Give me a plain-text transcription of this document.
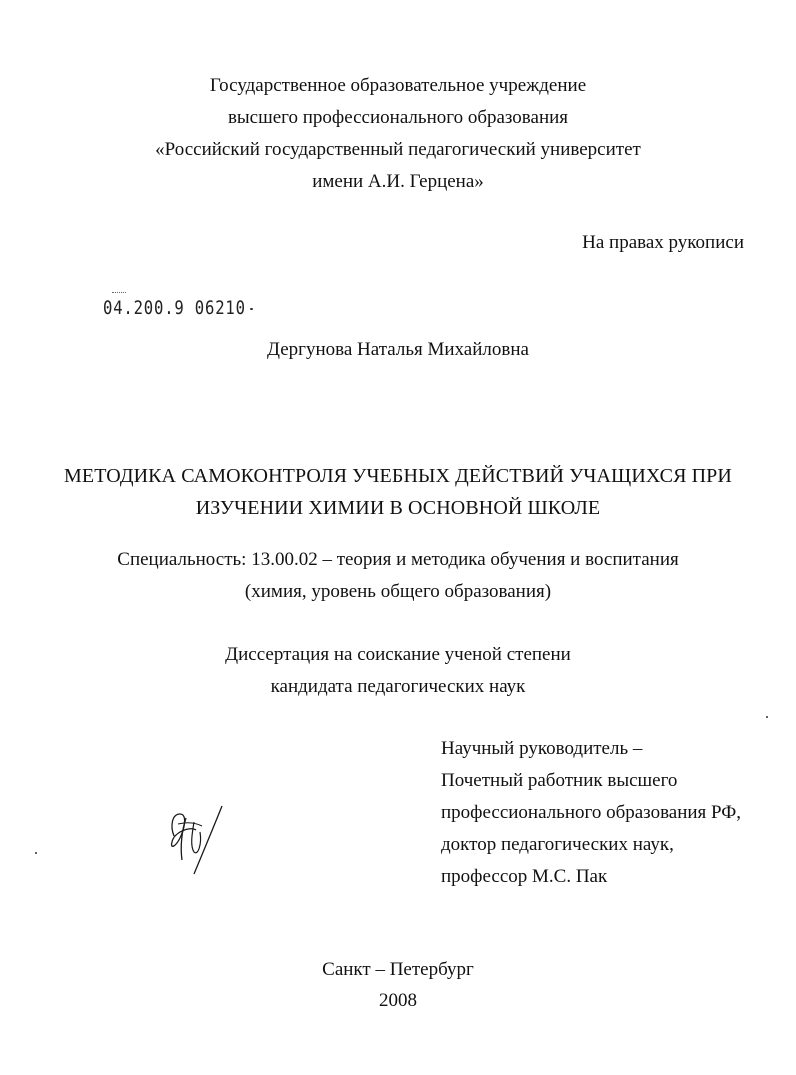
Государственное образовательное учреждение
высшего профессионального образования
«Российский государственный педагогический университет
имени А.И. Герцена»
На правах рукописи
04.200.9 06210
Дергунова Наталья Михайловна
МЕТОДИКА САМОКОНТРОЛЯ УЧЕБНЫХ ДЕЙСТВИЙ УЧАЩИХСЯ ПРИ
ИЗУЧЕНИИ ХИМИИ В ОСНОВНОЙ ШКОЛЕ
Специальность: 13.00.02 – теория и методика обучения и воспитания
(химия, уровень общего образования)
Диссертация на соискание ученой степени
кандидата педагогических наук
Научный руководитель –
Почетный работник высшего
профессионального образования РФ,
доктор педагогических наук,
профессор М.С. Пак
Санкт – Петербург
2008
